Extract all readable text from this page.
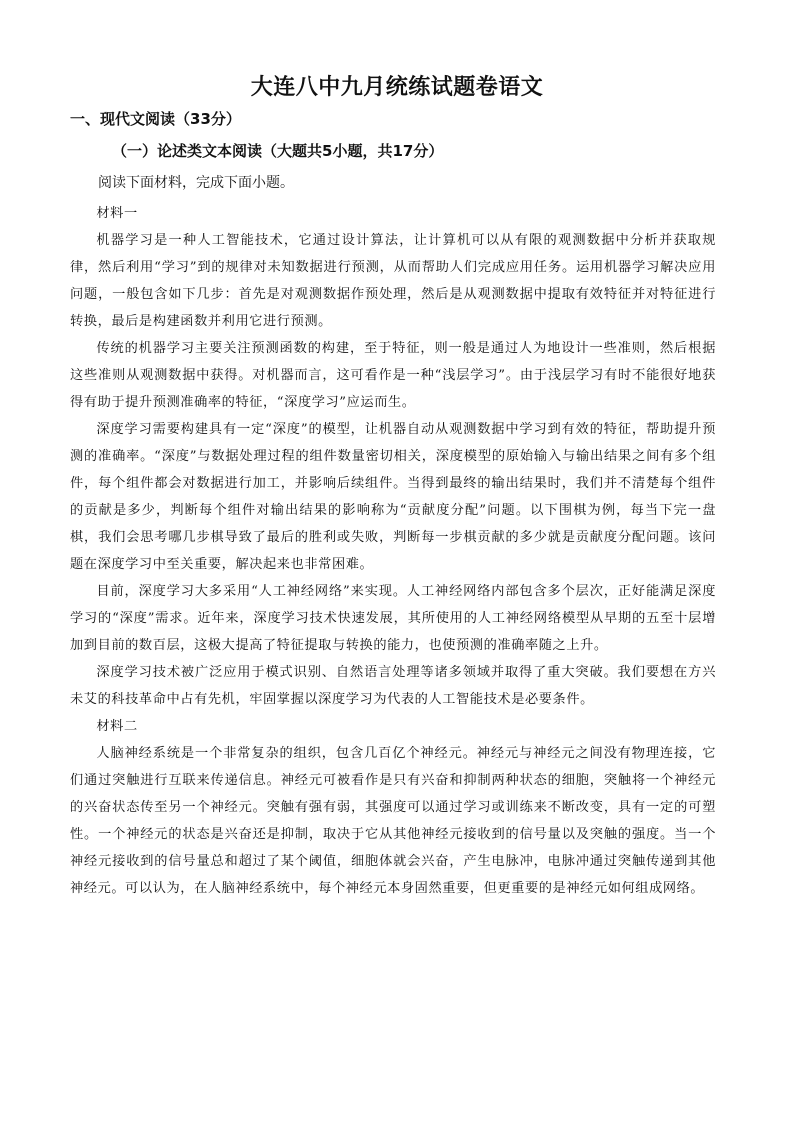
大连八中九月统练试题卷语文
一、现代文阅读（33分）
（一）论述类文本阅读（大题共5小题，共17分）
阅读下面材料，完成下面小题。

材料一

机器学习是一种人工智能技术，它通过设计算法，让计算机可以从有限的观测数据中分析并获取规律，然后利用“学习”到的规律对未知数据进行预测，从而帮助人们完成应用任务。运用机器学习解决应用问题，一般包含如下几步：首先是对观测数据作预处理，然后是从观测数据中提取有效特征并对特征进行转换，最后是构建函数并利用它进行预测。

传统的机器学习主要关注预测函数的构建，至于特征，则一般是通过人为地设计一些准则，然后根据这些准则从观测数据中获得。对机器而言，这可看作是一种“浅层学习”。由于浅层学习有时不能很好地获得有助于提升预测准确率的特征，“深度学习”应运而生。

深度学习需要构建具有一定“深度”的模型，让机器自动从观测数据中学习到有效的特征，帮助提升预测的准确率。“深度”与数据处理过程的组件数量密切相关，深度模型的原始输入与输出结果之间有多个组件，每个组件都会对数据进行加工，并影响后续组件。当得到最终的输出结果时，我们并不清楚每个组件的贡献是多少，判断每个组件对输出结果的影响称为“贡献度分配”问题。以下围棋为例，每当下完一盘棋，我们会思考哪几步棋导致了最后的胜利或失败，判断每一步棋贡献的多少就是贡献度分配问题。该问题在深度学习中至关重要，解决起来也非常困难。

目前，深度学习大多采用“人工神经网络”来实现。人工神经网络内部包含多个层次，正好能满足深度学习的“深度”需求。近年来，深度学习技术快速发展，其所使用的人工神经网络模型从早期的五至十层增加到目前的数百层，这极大提高了特征提取与转换的能力，也使预测的准确率随之上升。

深度学习技术被广泛应用于模式识别、自然语言处理等诸多领域并取得了重大突破。我们要想在方兴未艾的科技革命中占有先机，牢固掌握以深度学习为代表的人工智能技术是必要条件。

材料二

人脑神经系统是一个非常复杂的组织，包含几百亿个神经元。神经元与神经元之间没有物理连接，它们通过突触进行互联来传递信息。神经元可被看作是只有兴奋和抑制两种状态的细胞，突触将一个神经元的兴奋状态传至另一个神经元。突触有强有弱，其强度可以通过学习或训练来不断改变，具有一定的可塑性。一个神经元的状态是兴奋还是抑制，取决于它从其他神经元接收到的信号量以及突触的强度。当一个神经元接收到的信号量总和超过了某个阈值，细胞体就会兴奋，产生电脉冲，电脉冲通过突触传递到其他神经元。可以认为，在人脑神经系统中，每个神经元本身固然重要，但更重要的是神经元如何组成网络。
